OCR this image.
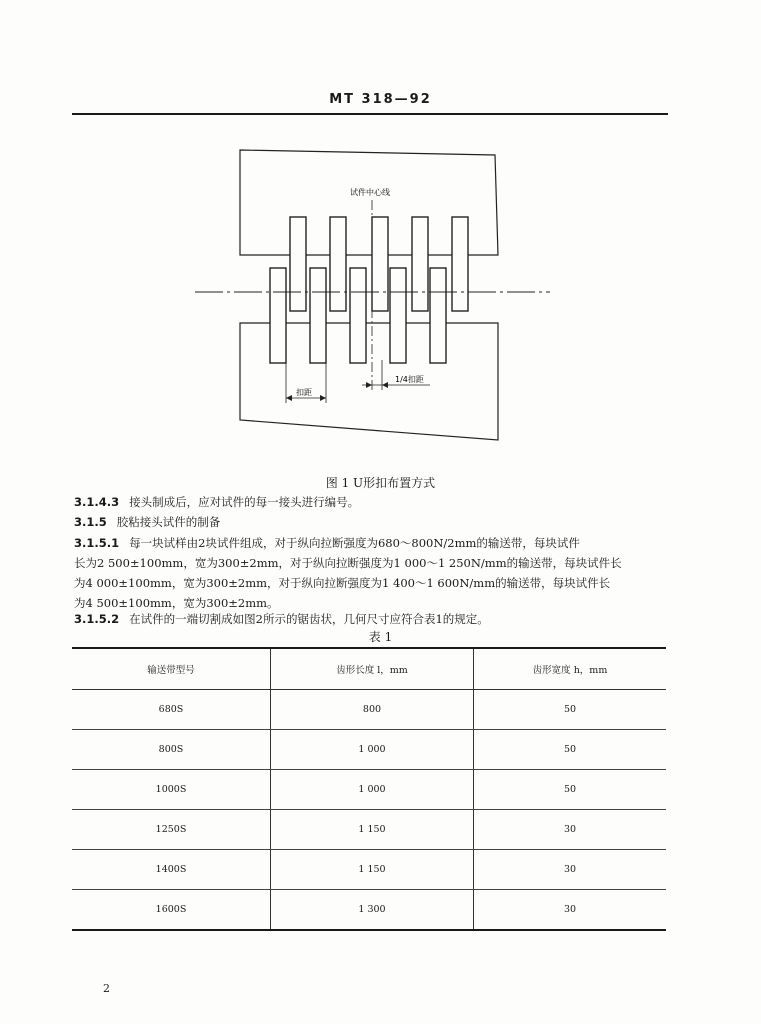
MT 318—92
试件中心线
扣距
1/4扣距
图 1 U形扣布置方式
3.1.4.3 接头制成后，应对试件的每一接头进行编号。
3.1.5 胶粘接头试件的制备
3.1.5.1 每一块试样由2块试件组成，对于纵向拉断强度为680～800N/2mm的输送带，每块试件
长为2 500±100mm，宽为300±2mm，对于纵向拉断强度为1 000～1 250N/mm的输送带，每块试件长
为4 000±100mm，宽为300±2mm，对于纵向拉断强度为1 400～1 600N/mm的输送带，每块试件长
为4 500±100mm，宽为300±2mm。
3.1.5.2 在试件的一端切割成如图2所示的锯齿状，几何尺寸应符合表1的规定。
表 1
输送带型号	齿形长度 l，mm	齿形宽度 h，mm
680S	800	50
800S	1 000	50
1000S	1 000	50
1250S	1 150	30
1400S	1 150	30
1600S	1 300	30
2
